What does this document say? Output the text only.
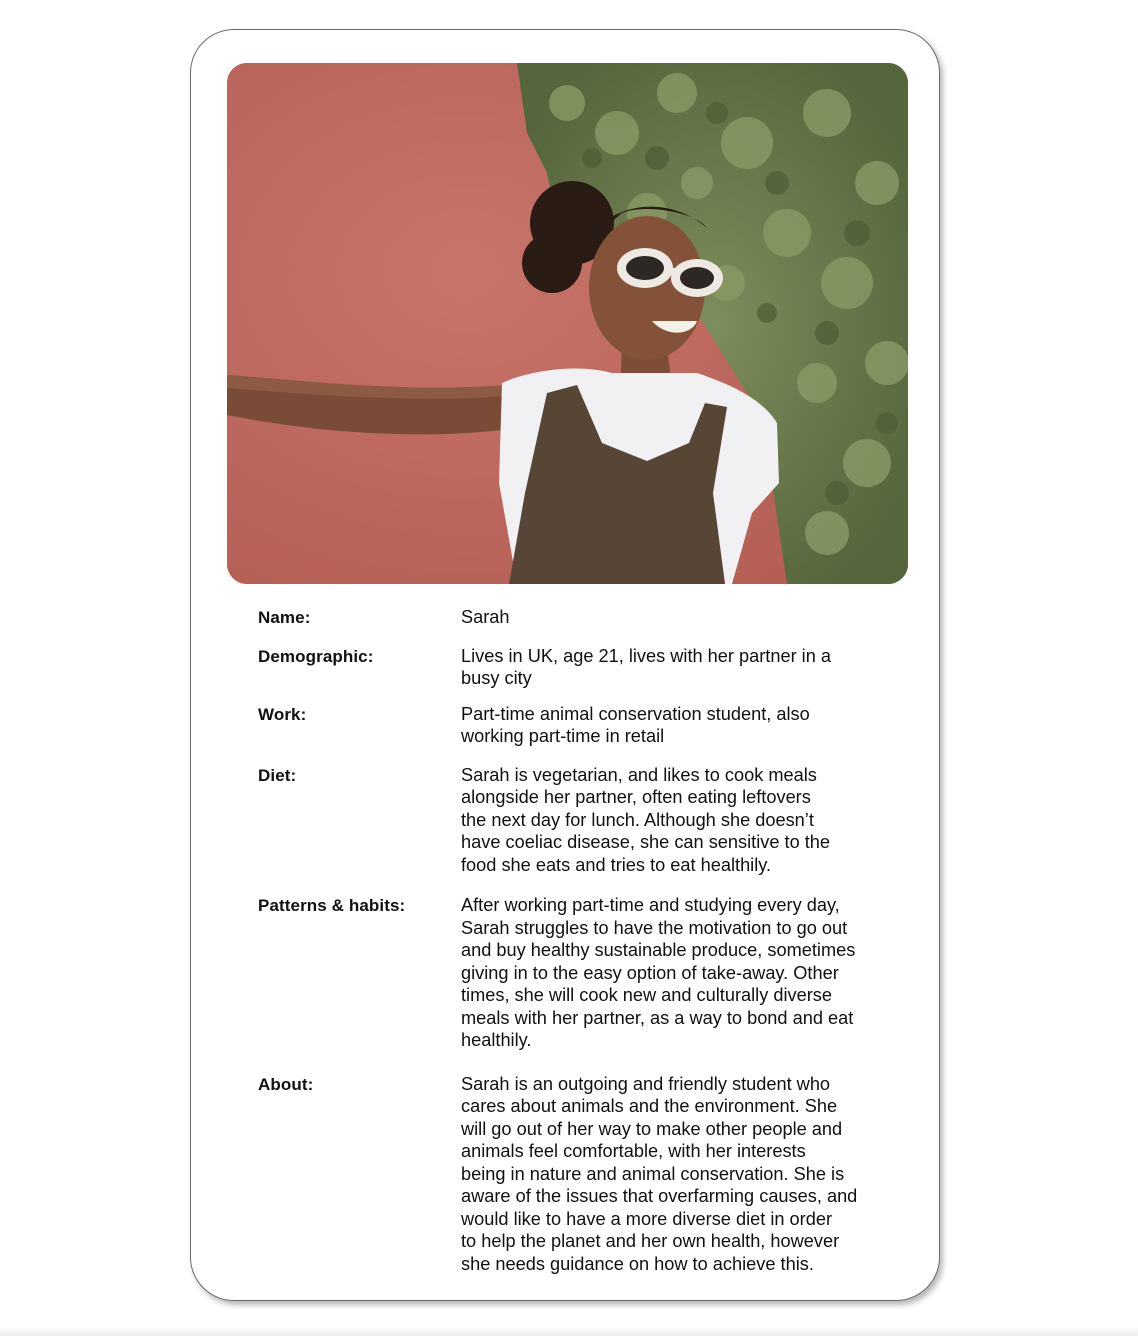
Name:	Sarah
Demographic:	Lives in UK, age 21, lives with her partner in a
busy city
Work:	Part-time animal conservation student, also
working part-time in retail
Diet:	Sarah is vegetarian, and likes to cook meals
alongside her partner, often eating leftovers
the next day for lunch. Although she doesn’t
have coeliac disease, she can sensitive to the
food she eats and tries to eat healthily.
Patterns & habits:	After working part-time and studying every day,
Sarah struggles to have the motivation to go out
and buy healthy sustainable produce, sometimes
giving in to the easy option of take-away. Other
times, she will cook new and culturally diverse
meals with her partner, as a way to bond and eat
healthily.
About:	Sarah is an outgoing and friendly student who
cares about animals and the environment. She
will go out of her way to make other people and
animals feel comfortable, with her interests
being in nature and animal conservation. She is
aware of the issues that overfarming causes, and
would like to have a more diverse diet in order
to help the planet and her own health, however
she needs guidance on how to achieve this.
